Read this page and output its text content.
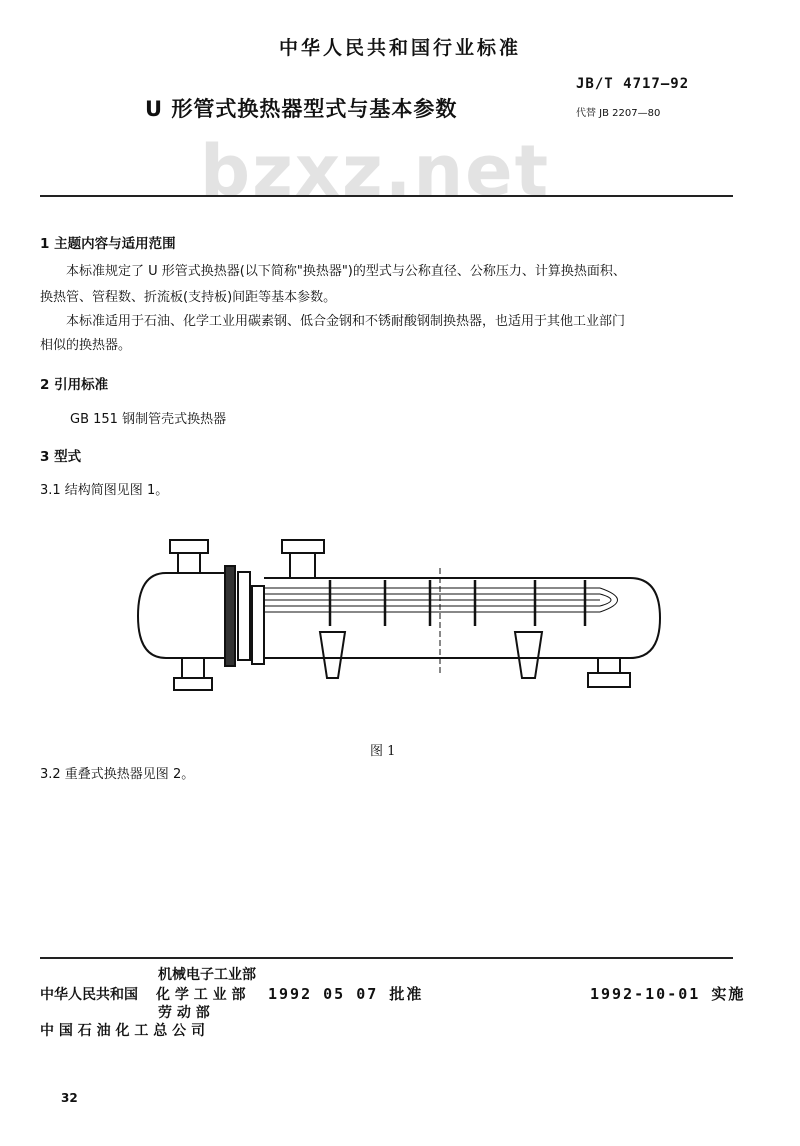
中华人民共和国行业标准
JB/T 4717—92
代替 JB 2207—80
U 形管式换热器型式与基本参数
bzxz.net
1 主题内容与适用范围
本标准规定了 U 形管式换热器(以下简称"换热器")的型式与公称直径、公称压力、计算换热面积、
换热管、管程数、折流板(支持板)间距等基本参数。
本标准适用于石油、化学工业用碳素钢、低合金钢和不锈耐酸钢制换热器，也适用于其他工业部门
相似的换热器。
2 引用标准
GB 151 钢制管壳式换热器
3 型式
3.1 结构简图见图 1。
图 1
3.2 重叠式换热器见图 2。
机械电子工业部
中华人民共和国 化 学 工 业 部
劳 动 部
中 国 石 油 化 工 总 公 司
1992 05 07 批准	1992-10-01 实施
32
